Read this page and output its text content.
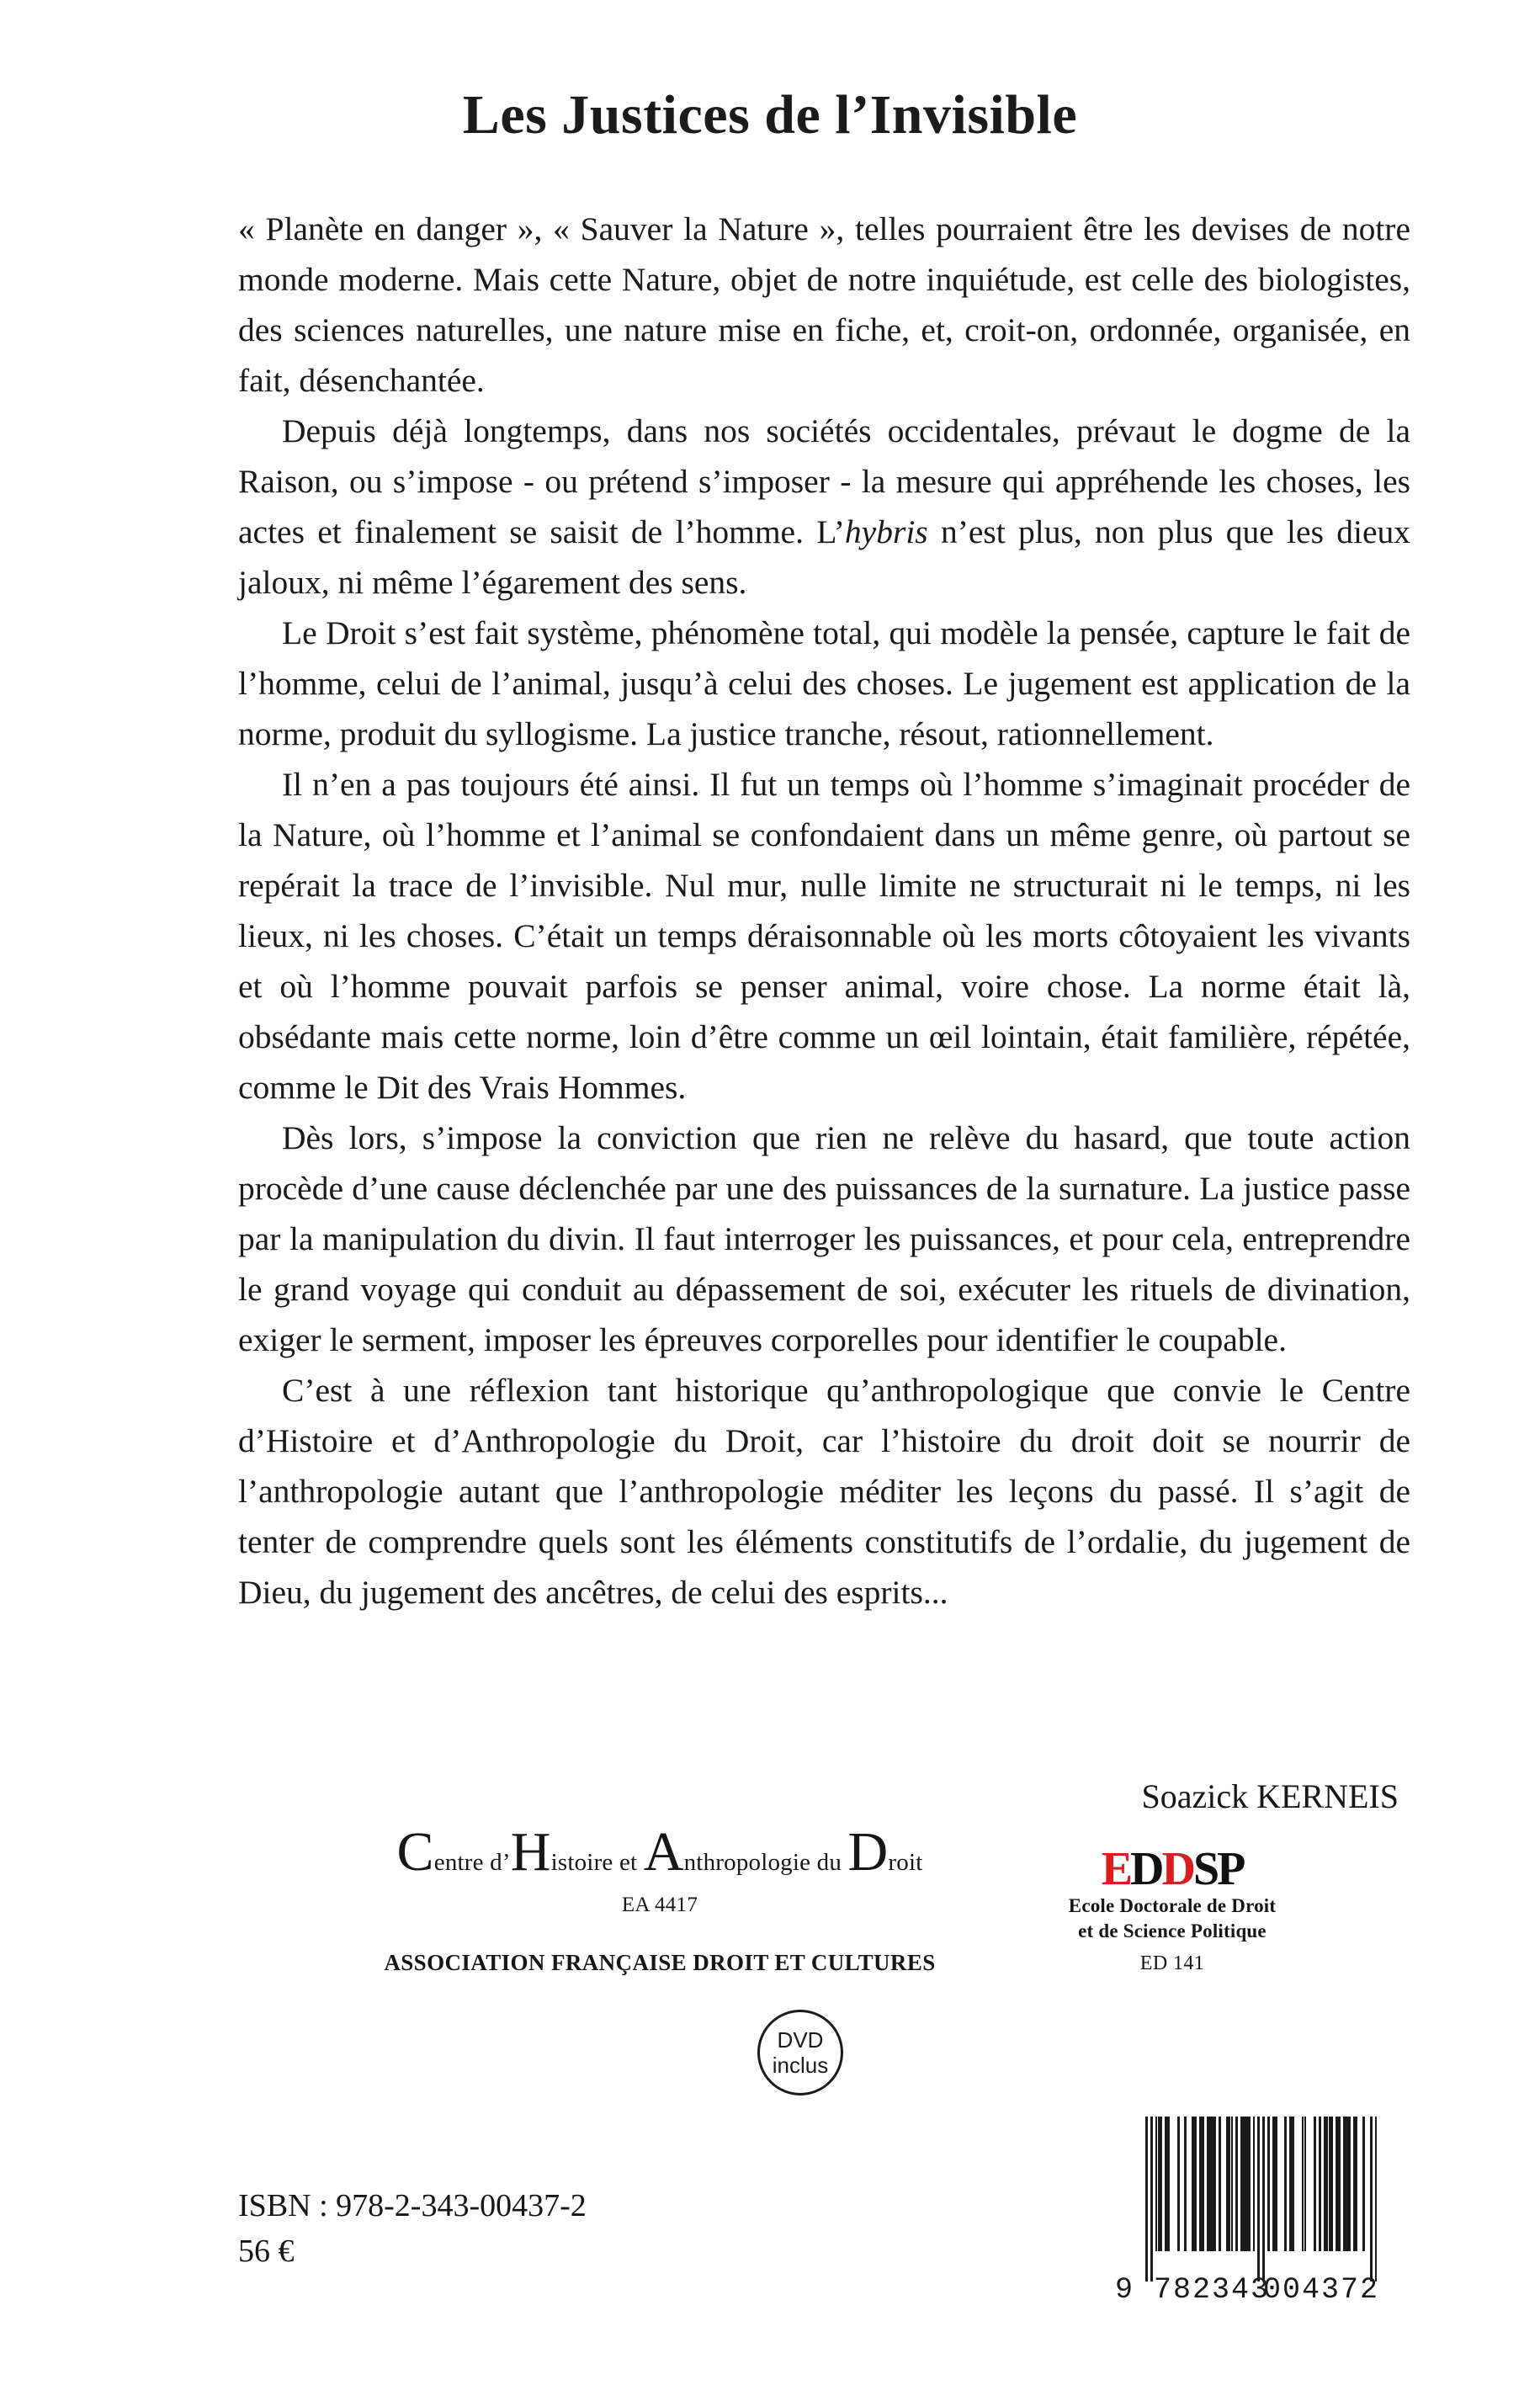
Les Justices de l’Invisible

« Planète en danger », « Sauver la Nature », telles pourraient être les devises de notre monde moderne. Mais cette Nature, objet de notre inquiétude, est celle des biologistes, des sciences naturelles, une nature mise en fiche, et, croit-on, ordonnée, organisée, en fait, désenchantée.

Depuis déjà longtemps, dans nos sociétés occidentales, prévaut le dogme de la Raison, ou s’impose - ou prétend s’imposer - la mesure qui appréhende les choses, les actes et finalement se saisit de l’homme. L’hybris n’est plus, non plus que les dieux jaloux, ni même l’égarement des sens.

Le Droit s’est fait système, phénomène total, qui modèle la pensée, capture le fait de l’homme, celui de l’animal, jusqu’à celui des choses. Le jugement est application de la norme, produit du syllogisme. La justice tranche, résout, rationnellement.

Il n’en a pas toujours été ainsi. Il fut un temps où l’homme s’imaginait procéder de la Nature, où l’homme et l’animal se confondaient dans un même genre, où partout se repérait la trace de l’invisible. Nul mur, nulle limite ne structurait ni le temps, ni les lieux, ni les choses. C’était un temps déraisonnable où les morts côtoyaient les vivants et où l’homme pouvait parfois se penser animal, voire chose. La norme était là, obsédante mais cette norme, loin d’être comme un œil lointain, était familière, répétée, comme le Dit des Vrais Hommes.

Dès lors, s’impose la conviction que rien ne relève du hasard, que toute action procède d’une cause déclenchée par une des puissances de la surnature. La justice passe par la manipulation du divin. Il faut interroger les puissances, et pour cela, entreprendre le grand voyage qui conduit au dépassement de soi, exécuter les rituels de divination, exiger le serment, imposer les épreuves corporelles pour identifier le coupable.

C’est à une réflexion tant historique qu’anthropologique que convie le Centre d’Histoire et d’Anthropologie du Droit, car l’histoire du droit doit se nourrir de l’anthropologie autant que l’anthropologie méditer les leçons du passé. Il s’agit de tenter de comprendre quels sont les éléments constitutifs de l’ordalie, du jugement de Dieu, du jugement des ancêtres, de celui des esprits...

Soazick KERNEIS
Centre d’Histoire et Anthropologie du Droit
EA 4417
ASSOCIATION FRANÇAISE DROIT ET CULTURES
EDDSP
Ecole Doctorale de Droit
et de Science Politique
ED 141
DVD
inclus
ISBN : 978-2-343-00437-2
56 €
9 782343
004372
